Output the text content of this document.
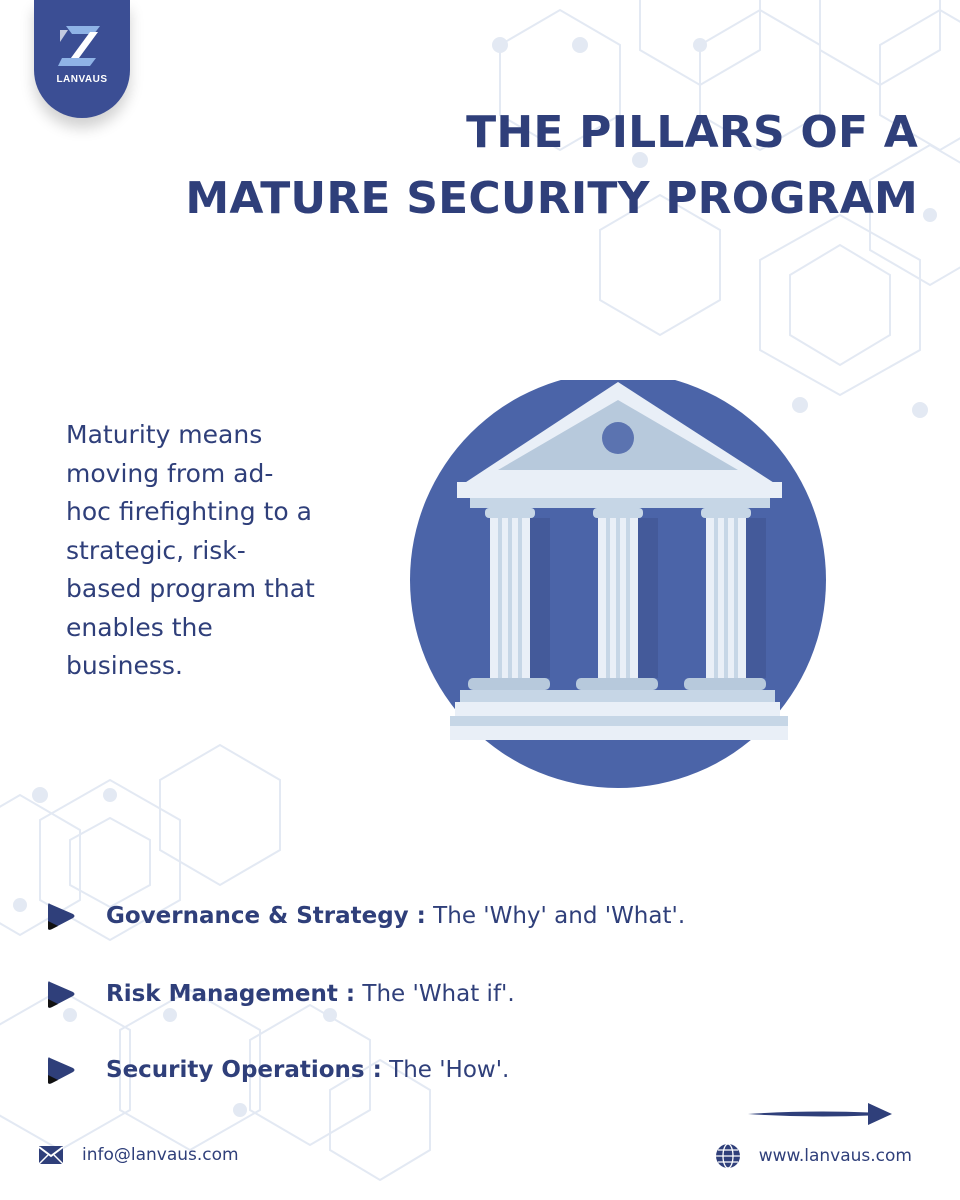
LANVAUS
THE PILLARS OF A
MATURE SECURITY PROGRAM
Maturity means moving from ad-hoc firefighting to a strategic, risk-based program that enables the business.
Governance & Strategy : The 'Why' and 'What'.
Risk Management : The 'What if'.
Security Operations : The 'How'.
info@lanvaus.com	www.lanvaus.com
